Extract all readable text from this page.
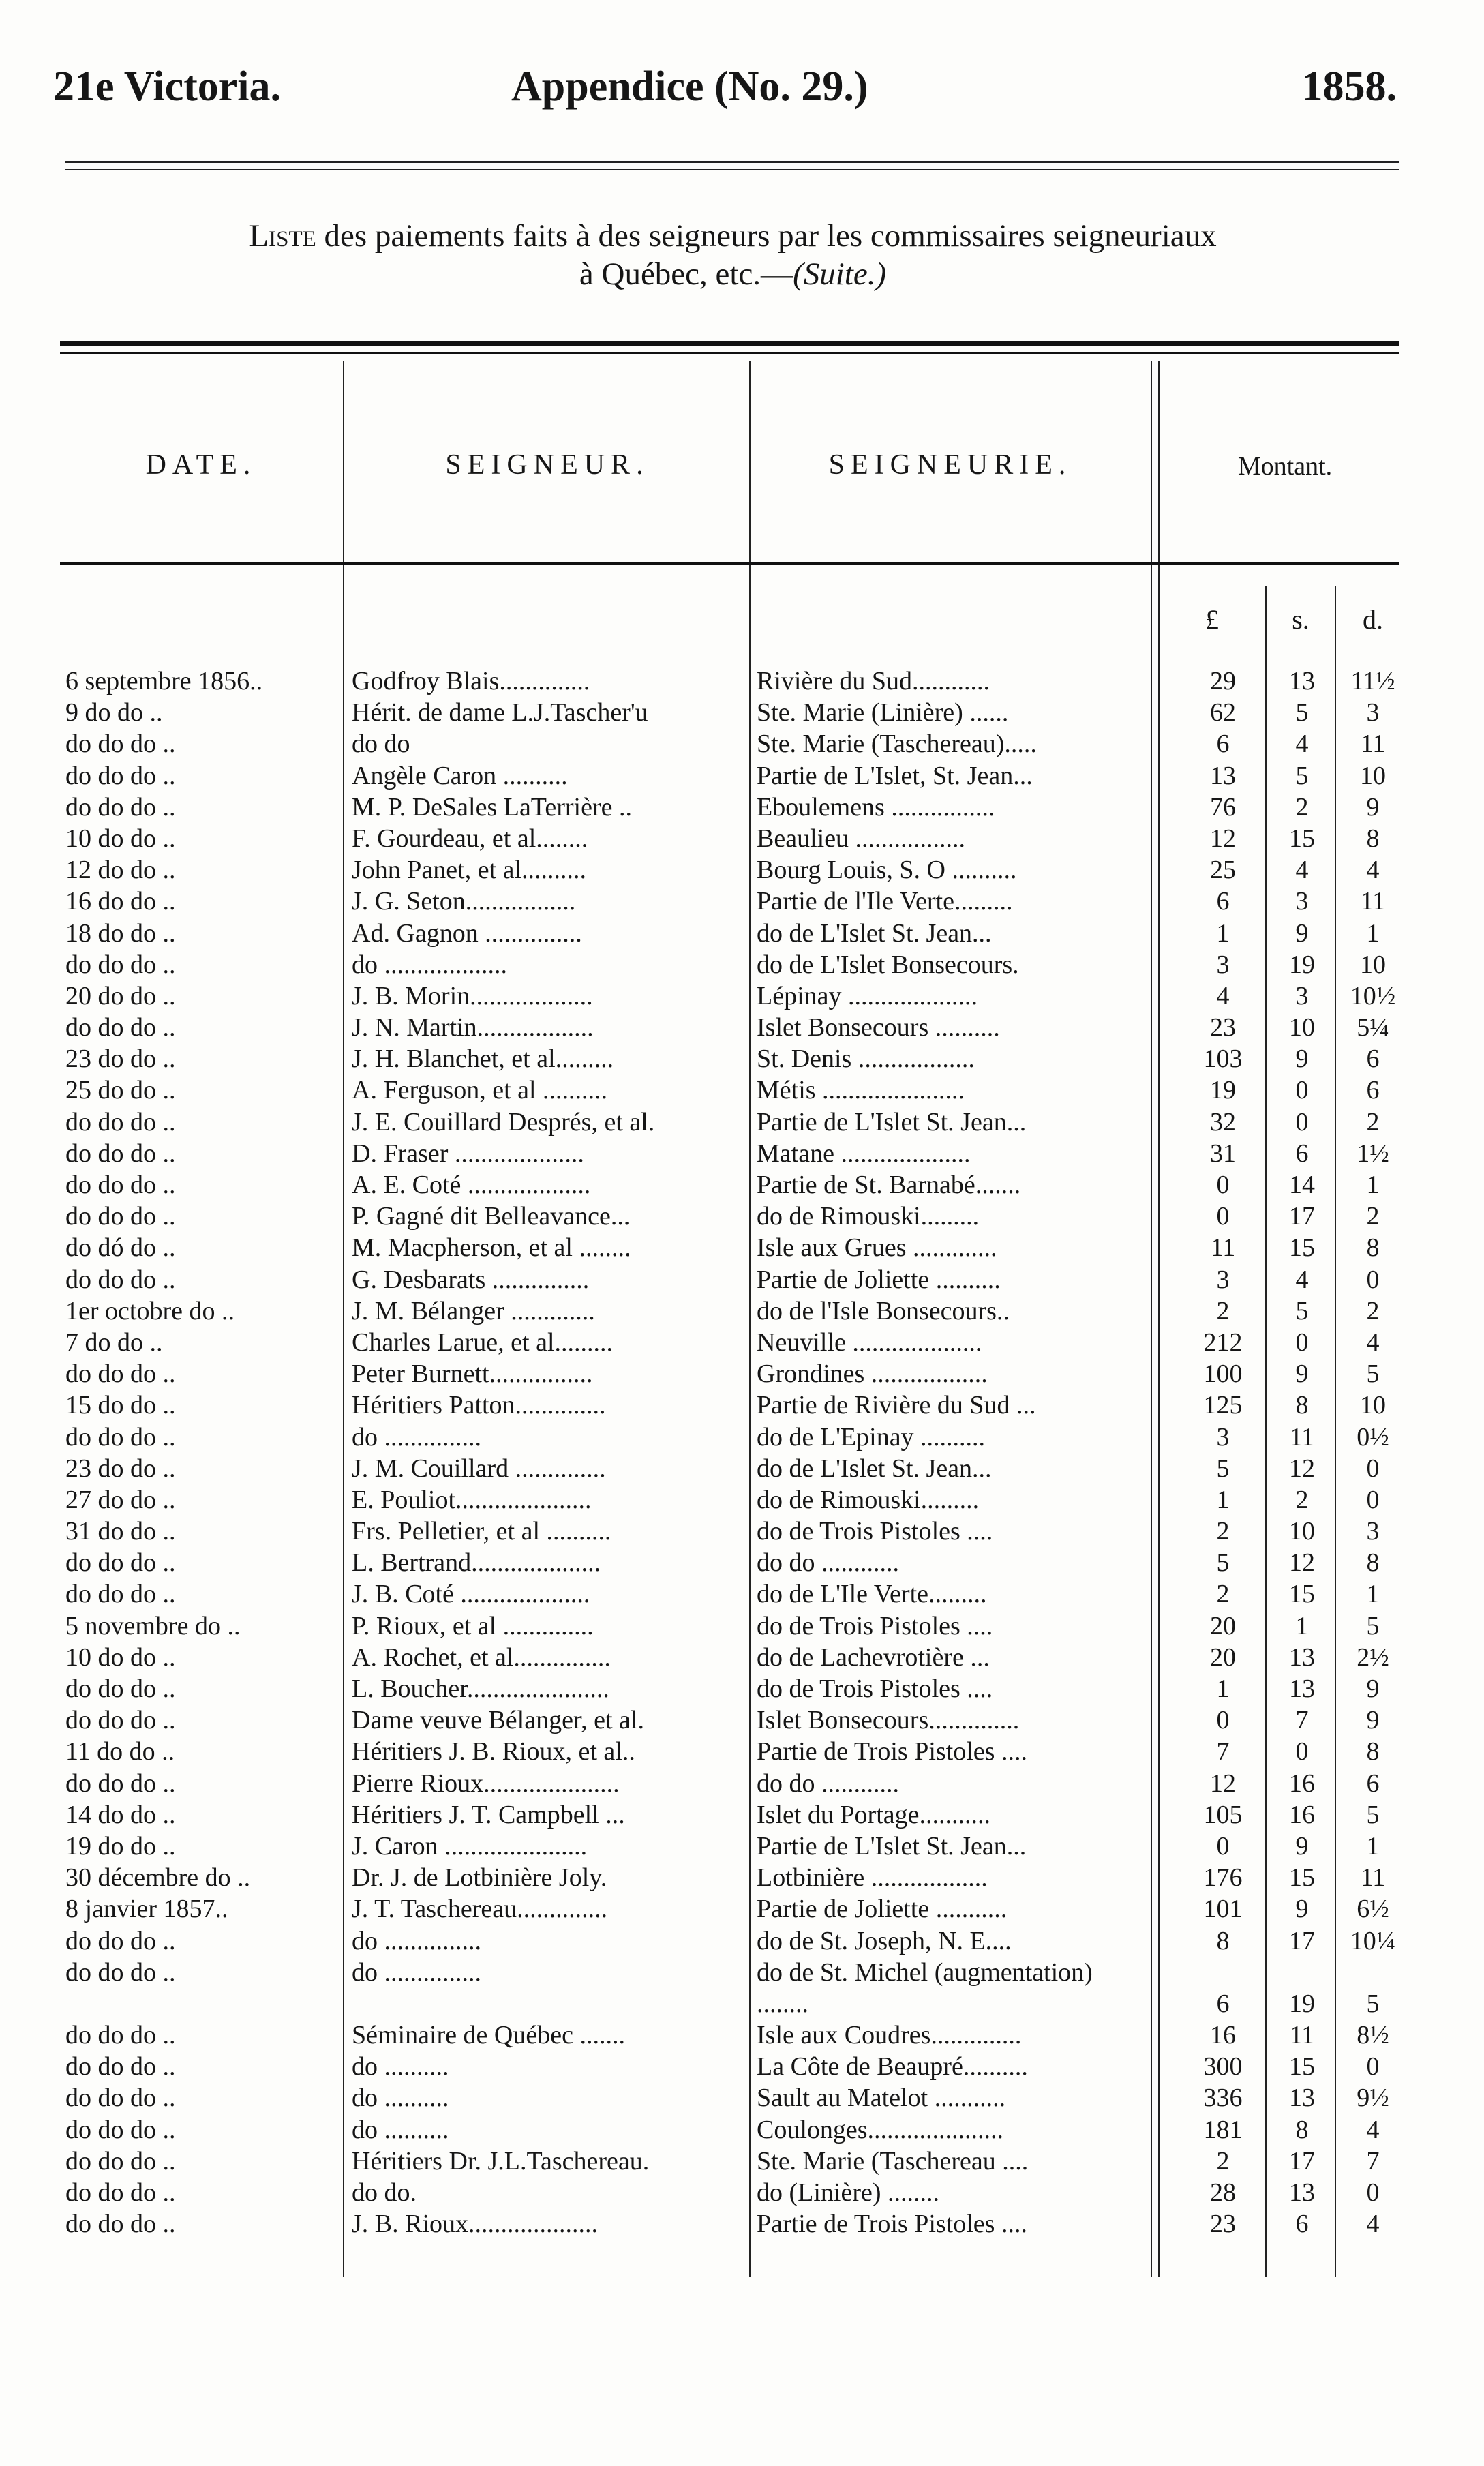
21e Victoria.	Appendice (No. 29.)	1858.
Liste des paiements faits à des seigneurs par les commissaires seigneuriaux
à Québec, etc.—(Suite.)
DATE.	SEIGNEUR.	SEIGNEURIE.	Montant.
£	s.	d.
6 septembre 1856..	Godfroy Blais..............	Rivière du Sud............	29	13	11½
9 do do ..	Hérit. de dame L.J.Tascher'u	Ste. Marie (Linière) ......	62	5	3
do do do ..	do do	Ste. Marie (Taschereau).....	6	4	11
do do do ..	Angèle Caron ..........	Partie de L'Islet, St. Jean...	13	5	10
do do do ..	M. P. DeSales LaTerrière ..	Eboulemens ................	76	2	9
10 do do ..	F. Gourdeau, et al........	Beaulieu .................	12	15	8
12 do do ..	John Panet, et al..........	Bourg Louis, S. O ..........	25	4	4
16 do do ..	J. G. Seton.................	Partie de l'Ile Verte.........	6	3	11
18 do do ..	Ad. Gagnon ...............	do de L'Islet St. Jean...	1	9	1
do do do ..	do ...................	do de L'Islet Bonsecours.	3	19	10
20 do do ..	J. B. Morin...................	Lépinay ....................	4	3	10½
do do do ..	J. N. Martin..................	Islet Bonsecours ..........	23	10	5¼
23 do do ..	J. H. Blanchet, et al.........	St. Denis ..................	103	9	6
25 do do ..	A. Ferguson, et al ..........	Métis ......................	19	0	6
do do do ..	J. E. Couillard Després, et al.	Partie de L'Islet St. Jean...	32	0	2
do do do ..	D. Fraser ....................	Matane ....................	31	6	1½
do do do ..	A. E. Coté ...................	Partie de St. Barnabé.......	0	14	1
do do do ..	P. Gagné dit Belleavance...	do de Rimouski.........	0	17	2
do dó do ..	M. Macpherson, et al ........	Isle aux Grues .............	11	15	8
do do do ..	G. Desbarats ...............	Partie de Joliette ..........	3	4	0
1er octobre do ..	J. M. Bélanger .............	do de l'Isle Bonsecours..	2	5	2
7 do do ..	Charles Larue, et al.........	Neuville ....................	212	0	4
do do do ..	Peter Burnett................	Grondines ..................	100	9	5
15 do do ..	Héritiers Patton..............	Partie de Rivière du Sud ...	125	8	10
do do do ..	do ...............	do de L'Epinay ..........	3	11	0½
23 do do ..	J. M. Couillard ..............	do de L'Islet St. Jean...	5	12	0
27 do do ..	E. Pouliot.....................	do de Rimouski.........	1	2	0
31 do do ..	Frs. Pelletier, et al ..........	do de Trois Pistoles ....	2	10	3
do do do ..	L. Bertrand....................	do do ............	5	12	8
do do do ..	J. B. Coté ....................	do de L'Ile Verte.........	2	15	1
5 novembre do ..	P. Rioux, et al ..............	do de Trois Pistoles ....	20	1	5
10 do do ..	A. Rochet, et al...............	do de Lachevrotière ...	20	13	2½
do do do ..	L. Boucher......................	do de Trois Pistoles ....	1	13	9
do do do ..	Dame veuve Bélanger, et al.	Islet Bonsecours..............	0	7	9
11 do do ..	Héritiers J. B. Rioux, et al..	Partie de Trois Pistoles ....	7	0	8
do do do ..	Pierre Rioux.....................	do do ............	12	16	6
14 do do ..	Héritiers J. T. Campbell ...	Islet du Portage...........	105	16	5
19 do do ..	J. Caron ......................	Partie de L'Islet St. Jean...	0	9	1
30 décembre do ..	Dr. J. de Lotbinière Joly.	Lotbinière ..................	176	15	11
8 janvier 1857..	J. T. Taschereau..............	Partie de Joliette ...........	101	9	6½
do do do ..	do ...............	do de St. Joseph, N. E....	8	17	10¼
do do do ..	do ...............	do de St. Michel (augmentation) ........	6	19	5
do do do ..	Séminaire de Québec .......	Isle aux Coudres..............	16	11	8½
do do do ..	do ..........	La Côte de Beaupré..........	300	15	0
do do do ..	do ..........	Sault au Matelot ...........	336	13	9½
do do do ..	do ..........	Coulonges.....................	181	8	4
do do do ..	Héritiers Dr. J.L.Taschereau.	Ste. Marie (Taschereau ....	2	17	7
do do do ..	do do.	do (Linière) ........	28	13	0
do do do ..	J. B. Rioux....................	Partie de Trois Pistoles ....	23	6	4
